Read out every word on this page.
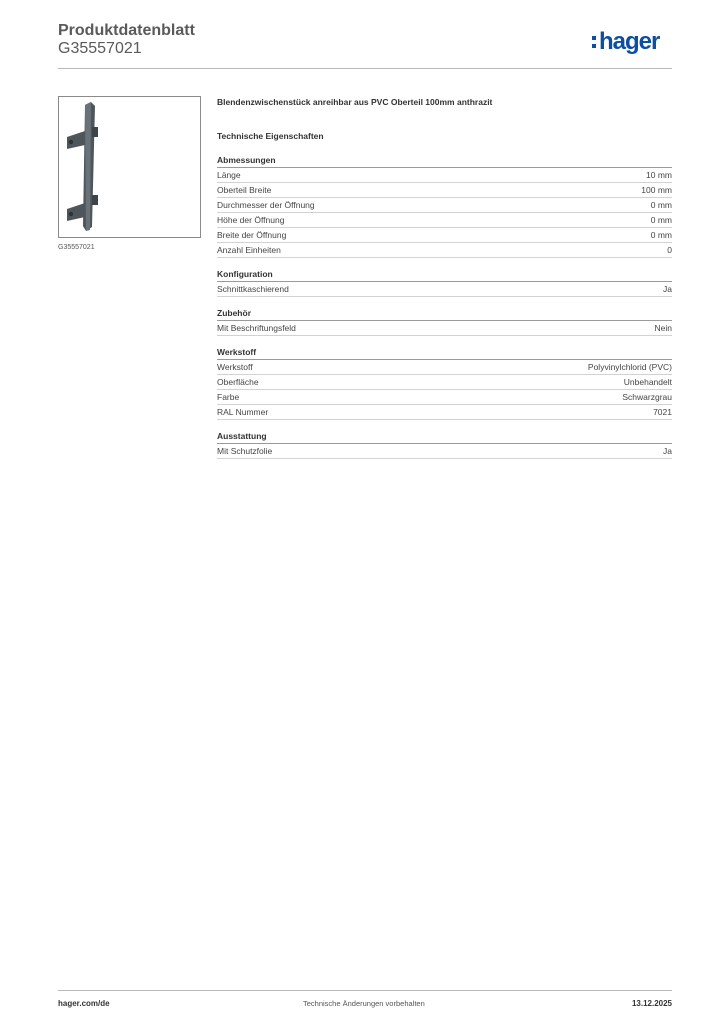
Produktdatenblatt
G35557021	hager
G35557021
Blendenzwischenstück anreihbar aus PVC Oberteil 100mm anthrazit
Technische Eigenschaften
Abmessungen
Länge	10 mm
Oberteil Breite	100 mm
Durchmesser der Öffnung	0 mm
Höhe der Öffnung	0 mm
Breite der Öffnung	0 mm
Anzahl Einheiten	0
Konfiguration
Schnittkaschierend	Ja
Zubehör
Mit Beschriftungsfeld	Nein
Werkstoff
Werkstoff	Polyvinylchlorid (PVC)
Oberfläche	Unbehandelt
Farbe	Schwarzgrau
RAL Nummer	7021
Ausstattung
Mit Schutzfolie	Ja
hager.com/de	Technische Änderungen vorbehalten	13.12.2025
